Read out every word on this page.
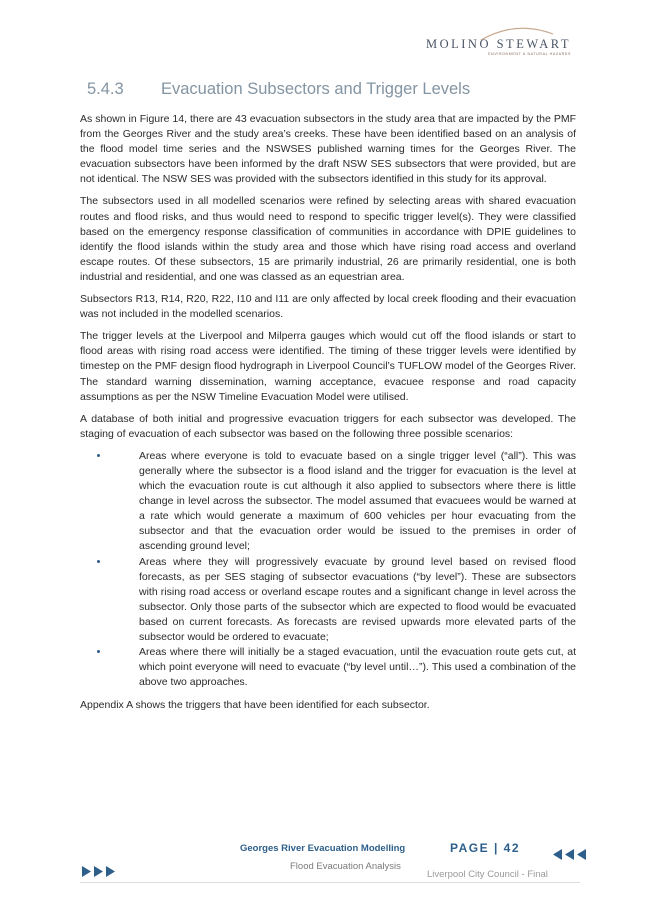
MOLINO STEWART
ENVIRONMENT & NATURAL HAZARDS
5.4.3 Evacuation Subsectors and Trigger Levels

As shown in Figure 14, there are 43 evacuation subsectors in the study area that are impacted by the PMF from the Georges River and the study area’s creeks. These have been identified based on an analysis of the flood model time series and the NSWSES published warning times for the Georges River. The evacuation subsectors have been informed by the draft NSW SES subsectors that were provided, but are not identical. The NSW SES was provided with the subsectors identified in this study for its approval.

The subsectors used in all modelled scenarios were refined by selecting areas with shared evacuation routes and flood risks, and thus would need to respond to specific trigger level(s). They were classified based on the emergency response classification of communities in accordance with DPIE guidelines to identify the flood islands within the study area and those which have rising road access and overland escape routes. Of these subsectors, 15 are primarily industrial, 26 are primarily residential, one is both industrial and residential, and one was classed as an equestrian area.

Subsectors R13, R14, R20, R22, I10 and I11 are only affected by local creek flooding and their evacuation was not included in the modelled scenarios.

The trigger levels at the Liverpool and Milperra gauges which would cut off the flood islands or start to flood areas with rising road access were identified. The timing of these trigger levels were identified by timestep on the PMF design flood hydrograph in Liverpool Council’s TUFLOW model of the Georges River. The standard warning dissemination, warning acceptance, evacuee response and road capacity assumptions as per the NSW Timeline Evacuation Model were utilised.

A database of both initial and progressive evacuation triggers for each subsector was developed. The staging of evacuation of each subsector was based on the following three possible scenarios:

Areas where everyone is told to evacuate based on a single trigger level (“all”). This was generally where the subsector is a flood island and the trigger for evacuation is the level at which the evacuation route is cut although it also applied to subsectors where there is little change in level across the subsector. The model assumed that evacuees would be warned at a rate which would generate a maximum of 600 vehicles per hour evacuating from the subsector and that the evacuation order would be issued to the premises in order of ascending ground level;
Areas where they will progressively evacuate by ground level based on revised flood forecasts, as per SES staging of subsector evacuations (“by level”). These are subsectors with rising road access or overland escape routes and a significant change in level across the subsector. Only those parts of the subsector which are expected to flood would be evacuated based on current forecasts. As forecasts are revised upwards more elevated parts of the subsector would be ordered to evacuate;
Areas where there will initially be a staged evacuation, until the evacuation route gets cut, at which point everyone will need to evacuate (“by level until…”). This used a combination of the above two approaches.

Appendix A shows the triggers that have been identified for each subsector.

Georges River Evacuation Modelling
Flood Evacuation Analysis
PAGE | 42
Liverpool City Council - Final
